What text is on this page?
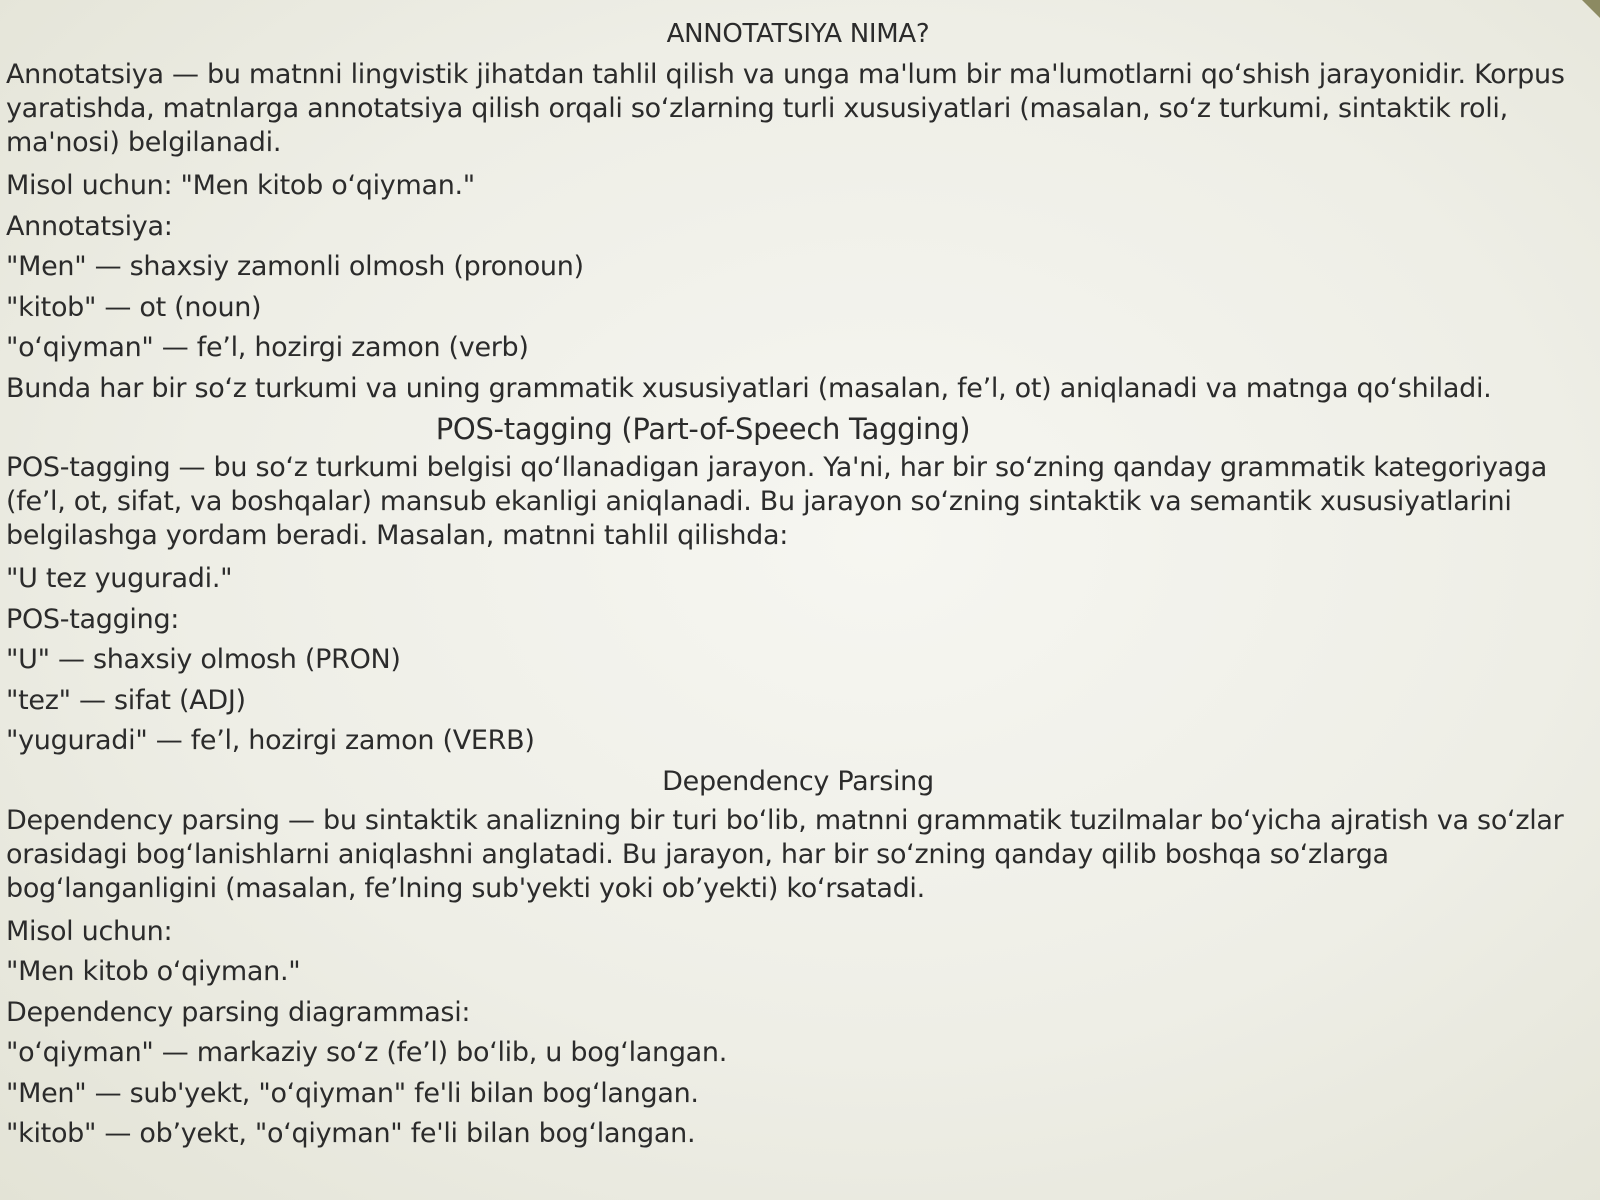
ANNOTATSIYA NIMA?
Annotatsiya — bu matnni lingvistik jihatdan tahlil qilish va unga ma'lum bir ma'lumotlarni qo‘shish jarayonidir. Korpus yaratishda, matnlarga annotatsiya qilish orqali so‘zlarning turli xususiyatlari (masalan, so‘z turkumi, sintaktik roli, ma'nosi) belgilanadi.
Misol uchun: "Men kitob o‘qiyman."
Annotatsiya:
"Men" — shaxsiy zamonli olmosh (pronoun)
"kitob" — ot (noun)
"o‘qiyman" — fe’l, hozirgi zamon (verb)
Bunda har bir so‘z turkumi va uning grammatik xususiyatlari (masalan, fe’l, ot) aniqlanadi va matnga qo‘shiladi.
POS-tagging (Part-of-Speech Tagging)
POS-tagging — bu so‘z turkumi belgisi qo‘llanadigan jarayon. Ya'ni, har bir so‘zning qanday grammatik kategoriyaga (fe’l, ot, sifat, va boshqalar) mansub ekanligi aniqlanadi. Bu jarayon so‘zning sintaktik va semantik xususiyatlarini belgilashga yordam beradi. Masalan, matnni tahlil qilishda:
"U tez yuguradi."
POS-tagging:
"U" — shaxsiy olmosh (PRON)
"tez" — sifat (ADJ)
"yuguradi" — fe’l, hozirgi zamon (VERB)
Dependency Parsing
Dependency parsing — bu sintaktik analizning bir turi bo‘lib, matnni grammatik tuzilmalar bo‘yicha ajratish va so‘zlar orasidagi bog‘lanishlarni aniqlashni anglatadi. Bu jarayon, har bir so‘zning qanday qilib boshqa so‘zlarga bog‘langanligini (masalan, fe’lning sub'yekti yoki ob’yekti) ko‘rsatadi.
Misol uchun:
"Men kitob o‘qiyman."
Dependency parsing diagrammasi:
"o‘qiyman" — markaziy so‘z (fe’l) bo‘lib, u bog‘langan.
"Men" — sub'yekt, "o‘qiyman" fe'li bilan bog‘langan.
"kitob" — ob’yekt, "o‘qiyman" fe'li bilan bog‘langan.
